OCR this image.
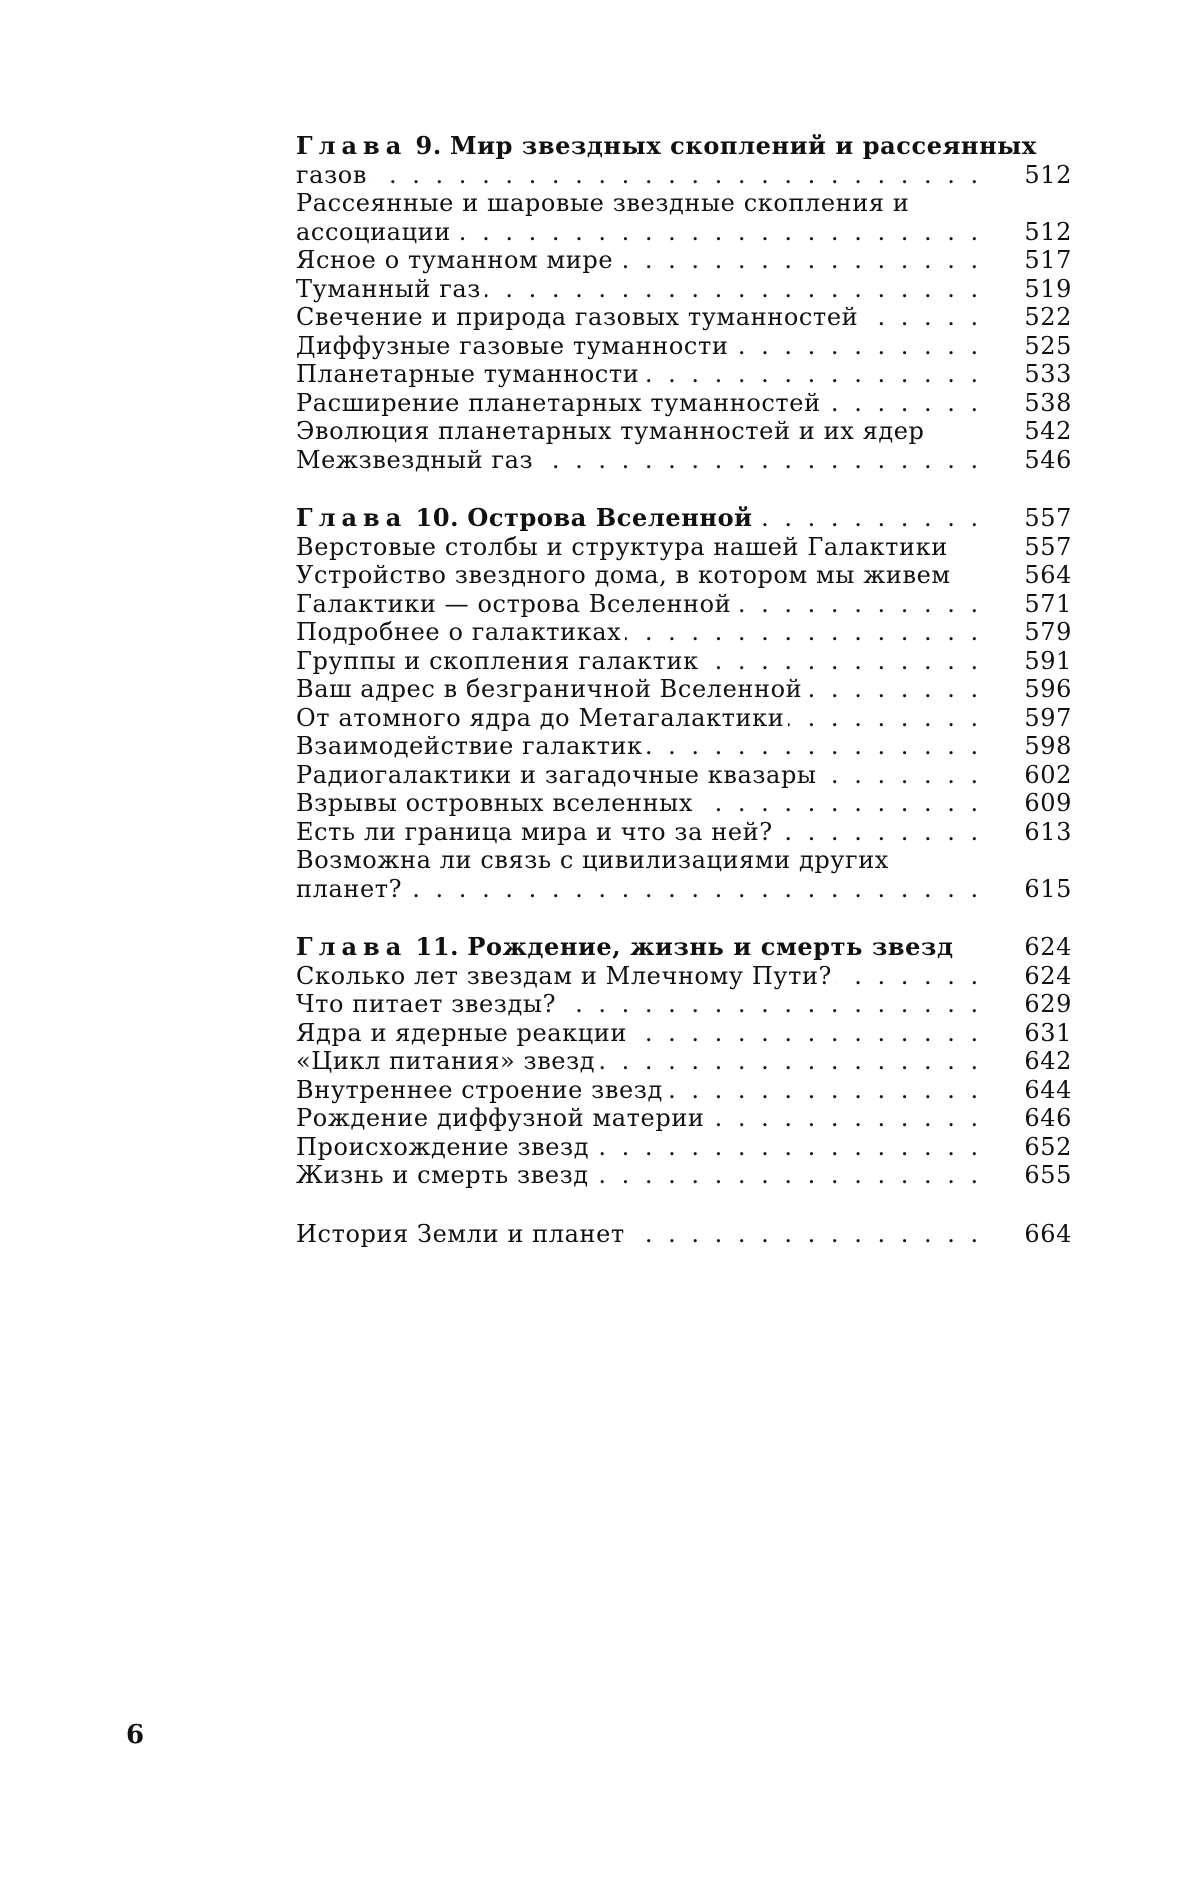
Глава 9. Мир звездных скоплений и рассеянных
газов . . .	512
Рассеянные и шаровые звездные скопления и
ассоциации . . .	512
Ясное о туманном мире . . .	517
Туманный газ . . .	519
Свечение и природа газовых туманностей . . .	522
Диффузные газовые туманности . . .	525
Планетарные туманности . . .	533
Расширение планетарных туманностей . . .	538
Эволюция планетарных туманностей и их ядер	542
Межзвездный газ . . .	546
Глава 10. Острова Вселенной . . .	557
Верстовые столбы и структура нашей Галактики	557
Устройство звездного дома, в котором мы живем	564
Галактики — острова Вселенной . . .	571
Подробнее о галактиках . . .	579
Группы и скопления галактик . . .	591
Ваш адрес в безграничной Вселенной . . .	596
От атомного ядра до Метагалактики . . .	597
Взаимодействие галактик . . .	598
Радиогалактики и загадочные квазары . . .	602
Взрывы островных вселенных . . .	609
Есть ли граница мира и что за ней? . . .	613
Возможна ли связь с цивилизациями других
планет? . . .	615
Глава 11. Рождение, жизнь и смерть звезд	624
Сколько лет звездам и Млечному Пути? . . .	624
Что питает звезды? . . .	629
Ядра и ядерные реакции . . .	631
«Цикл питания» звезд . . .	642
Внутреннее строение звезд . . .	644
Рождение диффузной материи . . .	646
Происхождение звезд . . .	652
Жизнь и смерть звезд . . .	655
История Земли и планет . . .	664
6
